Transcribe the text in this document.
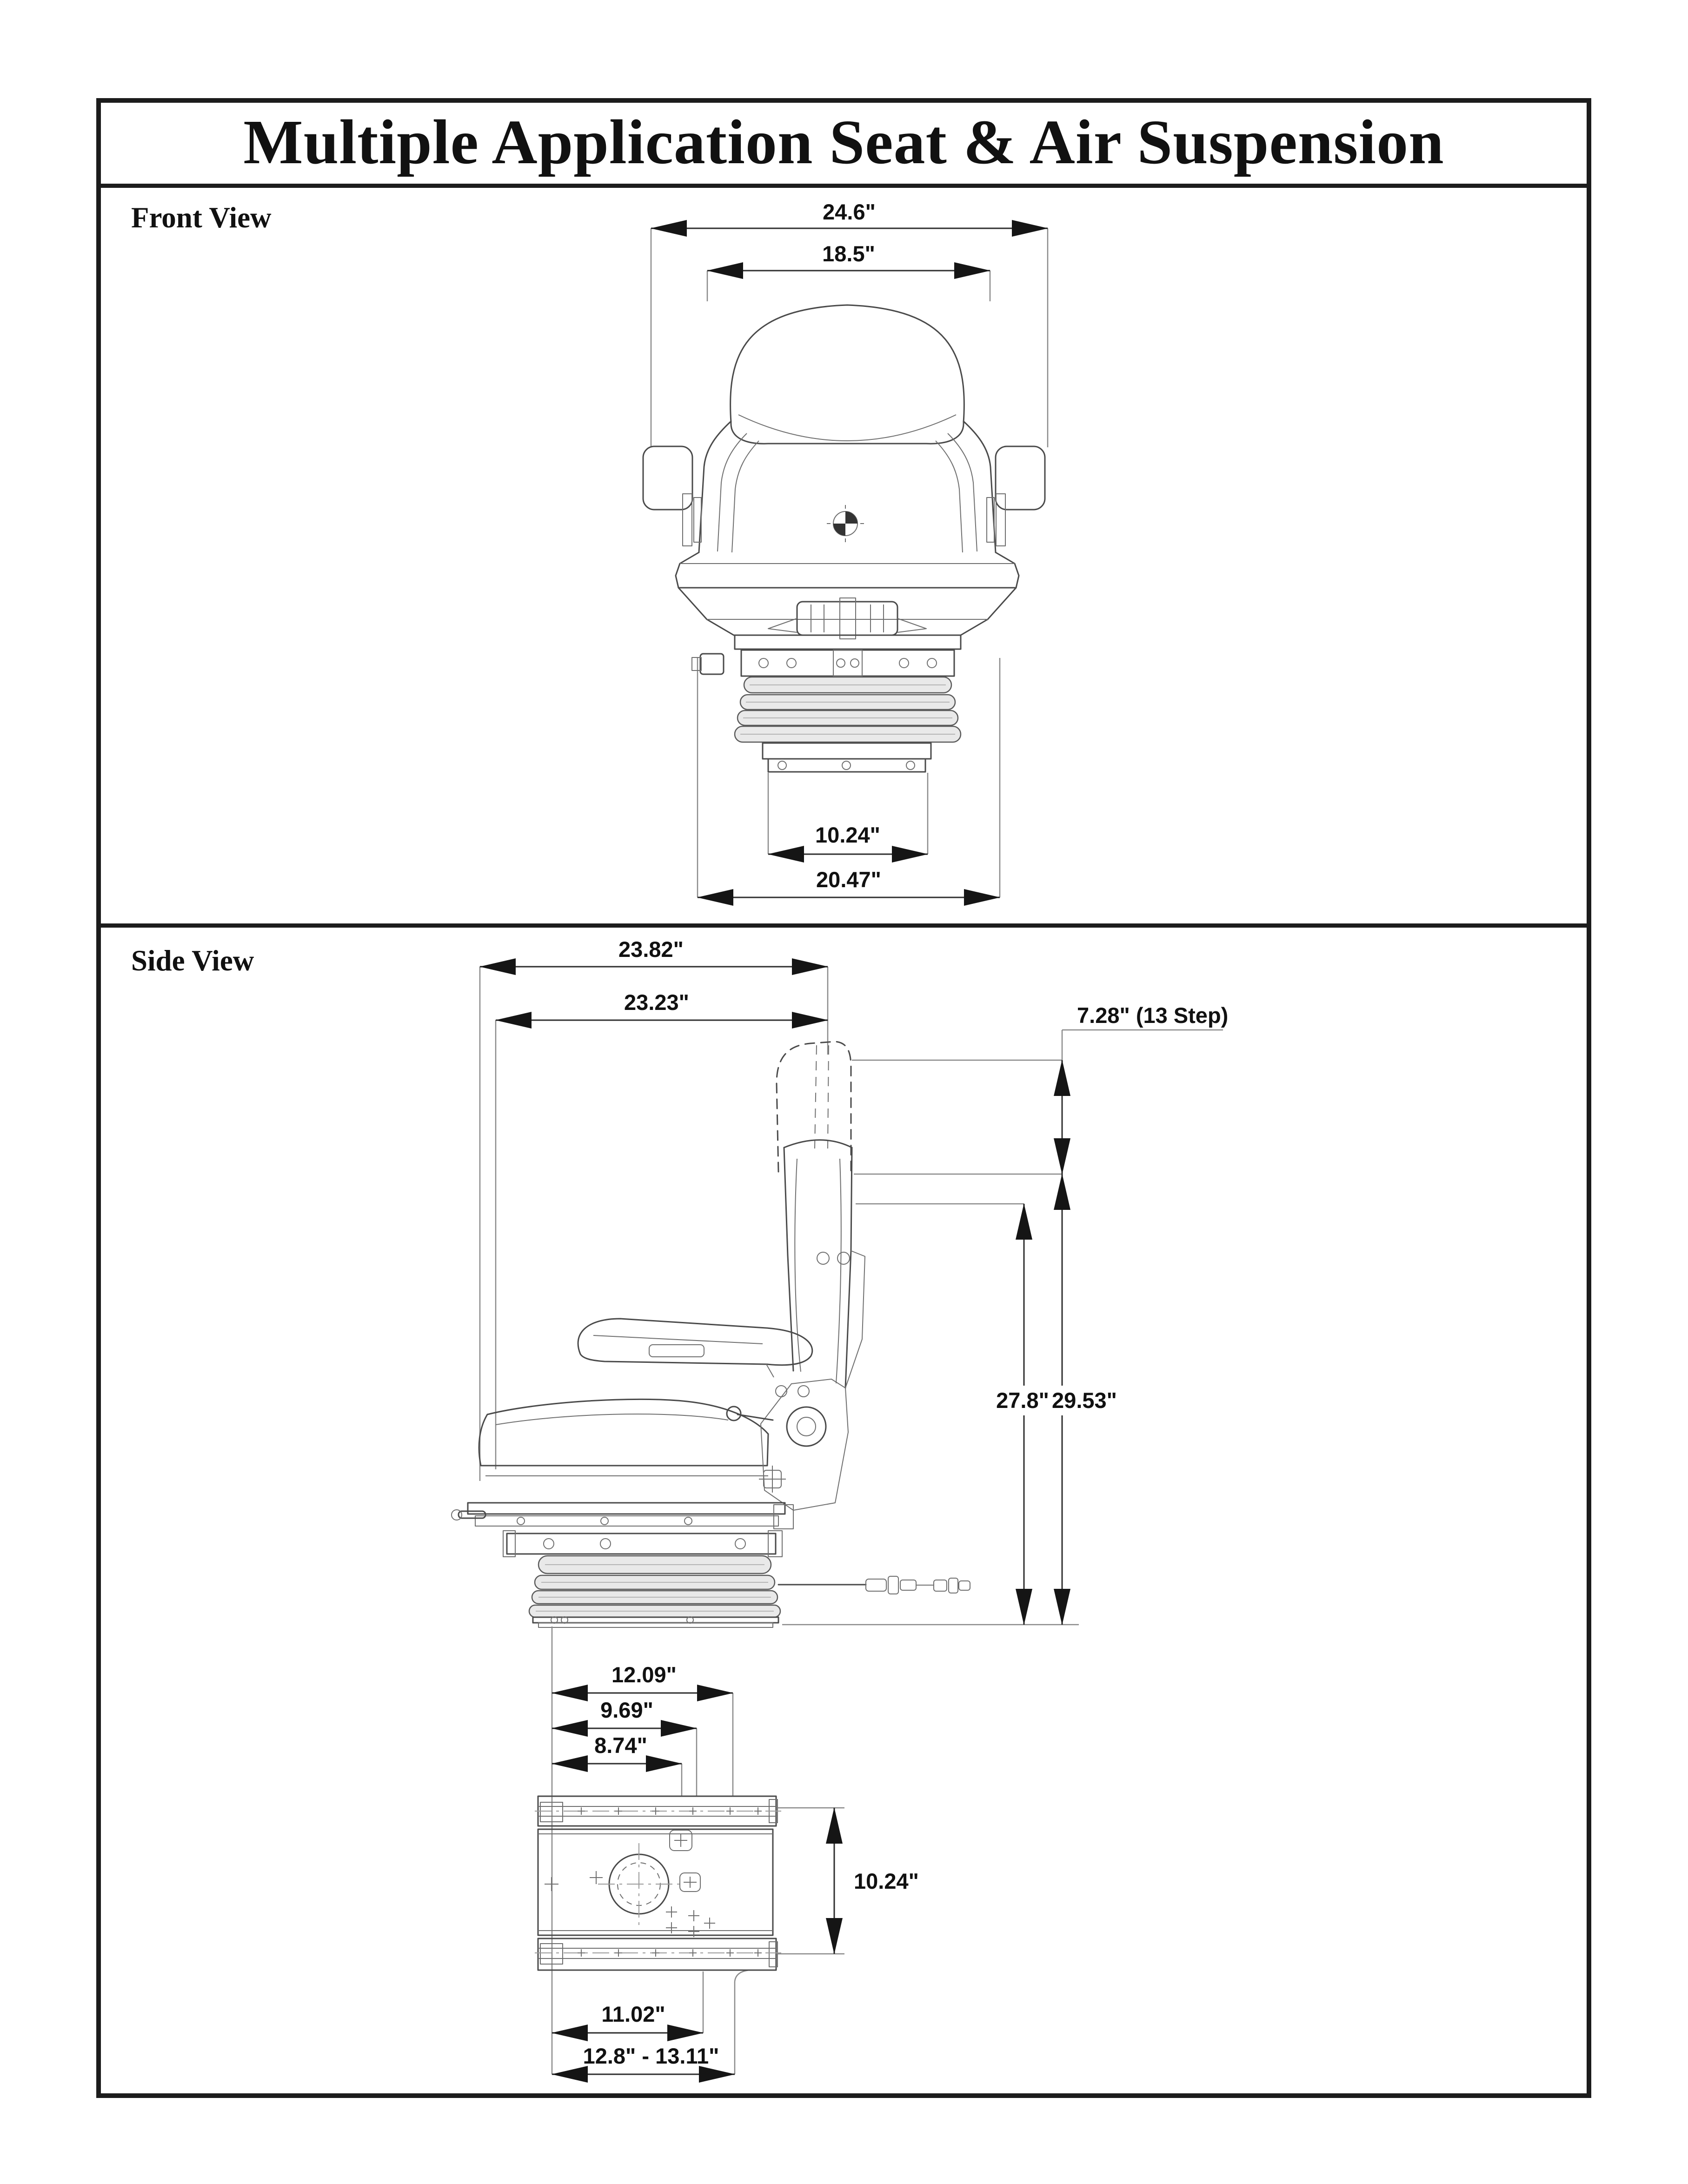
Multiple Application Seat & Air Suspension
Front View
Side View
24.6"
18.5"
10.24"
20.47"
23.82"
23.23"
7.28" (13 Step)
27.8" 29.53"
12.09"
9.69"
8.74"
10.24"
11.02"
12.8" - 13.11"
